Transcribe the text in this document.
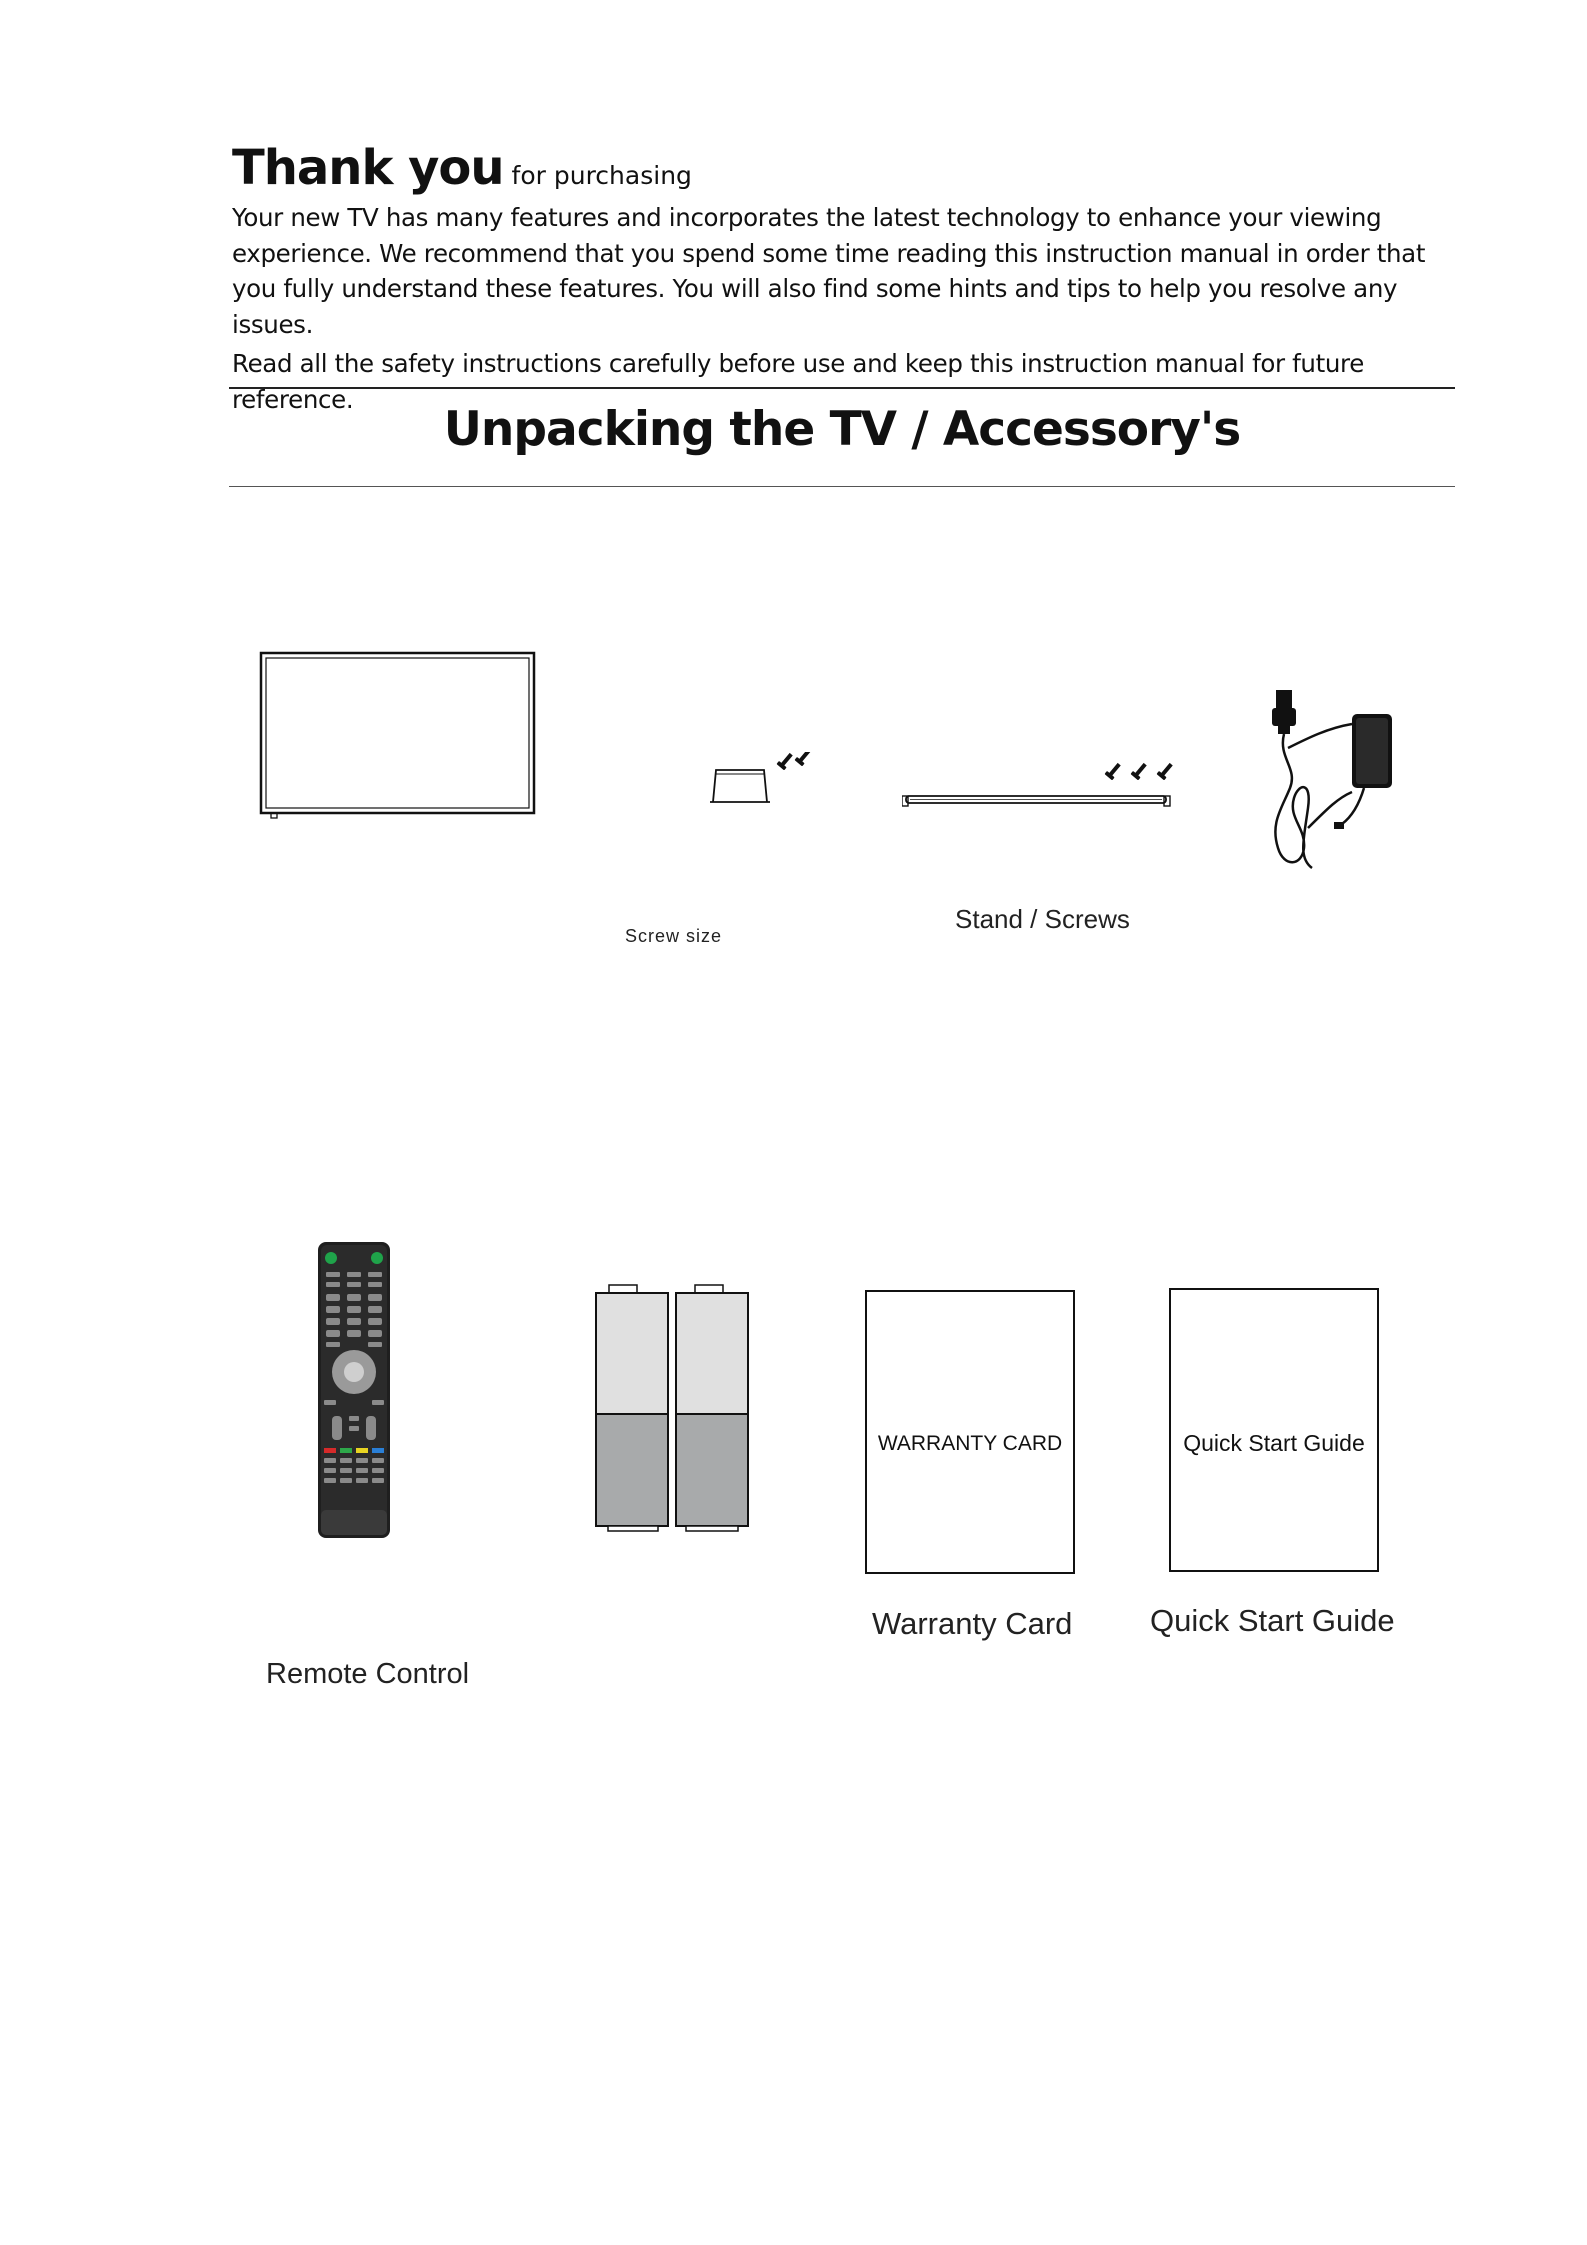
Thank you for purchasing

Your new TV has many features and incorporates the latest technology to enhance your viewing experience. We recommend that you spend some time reading this instruction manual in order that you fully understand these features. You will also find some hints and tips to help you resolve any issues.

Read all the safety instructions carefully before use and keep this instruction manual for future reference.

Unpacking the TV / Accessory's
Screw size
Stand / Screws
Remote Control
WARRANTY CARD
Warranty Card
Quick Start Guide
Quick Start Guide
